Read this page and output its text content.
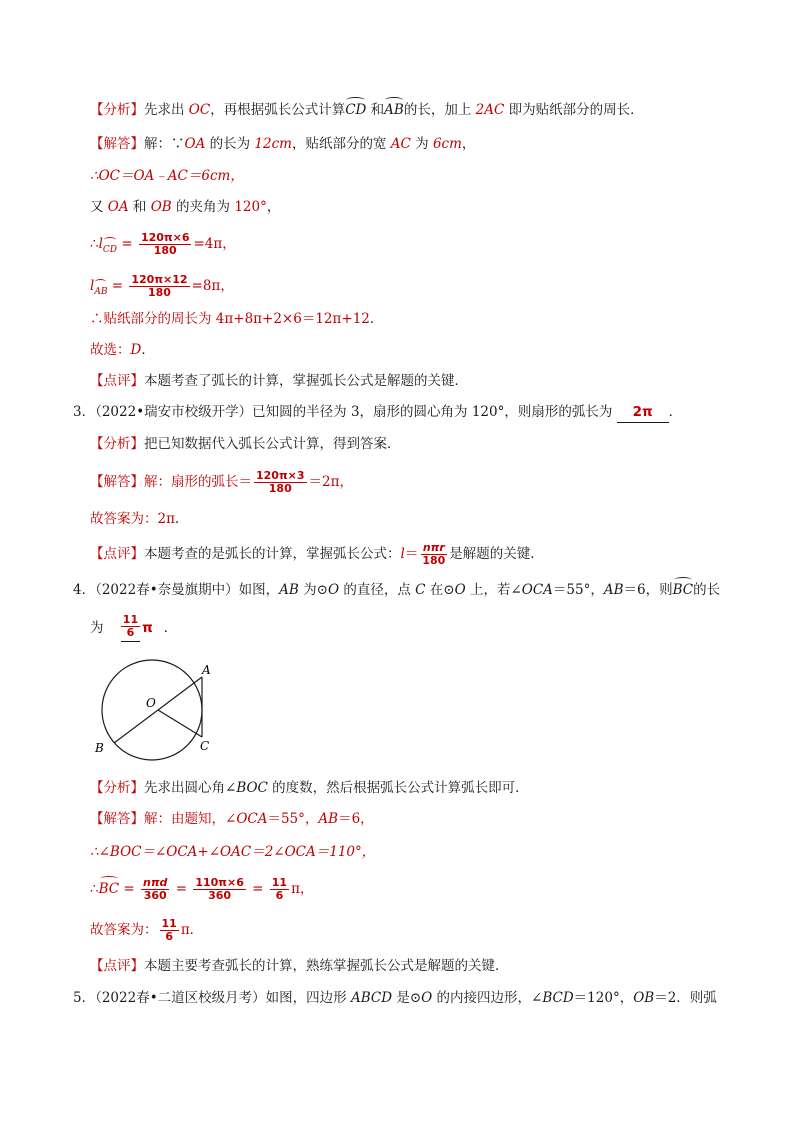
【分析】先求出 OC，再根据弧长公式计算CD 和AB的长，加上 2AC 即为贴纸部分的周长．
【解答】解：∵OA 的长为 12cm，贴纸部分的宽 AC 为 6cm，
∴OC＝OA﹣AC＝6cm，
又 OA 和 OB 的夹角为 120°，
$\therefore l_{CD} = \frac{120\pi\times 6}{180} =4\pi$，
$l_{AB} = \frac{120\pi\times 12}{180} =8\pi$，
∴贴纸部分的周长为 4π+8π+2×6＝12π+12．
故选：D．
【点评】本题考查了弧长的计算，掌握弧长公式是解题的关键．
3．（2022•瑞安市校级开学）已知圆的半径为 3，扇形的圆心角为 120°，则扇形的弧长为 2π ．
【分析】把已知数据代入弧长公式计算，得到答案．
【解答】解：扇形的弧长＝ $\frac{120\pi\times 3}{180} =2\pi$，
故答案为：2π．
【点评】本题考查的是弧长的计算，掌握弧长公式：$l= \frac{\text{nπr}}{180}$ 是解题的关键．
4．（2022春•奈曼旗期中）如图，AB 为⊙O 的直径，点 C 在⊙O 上，若∠OCA＝55°，AB＝6，则BC的长
为 $\frac{11}{6}$ π ．
A
B	C
O
【分析】先求出圆心角∠BOC 的度数，然后根据弧长公式计算弧长即可．
【解答】解：由题知，∠OCA＝55°，AB＝6，
∴∠BOC＝∠OCA+∠OAC＝2∠OCA＝110°，
∴BC = $\frac{\text{nπd}}{360} = \frac{110\pi\times 6}{360} = \frac{11}{6}$ π，
故答案为： $\frac{11}{6}$ π．
【点评】本题主要考查弧长的计算，熟练掌握弧长公式是解题的关键．
5．（2022春•二道区校级月考）如图，四边形 ABCD 是⊙O 的内接四边形，∠BCD＝120°，OB＝2．则弧
